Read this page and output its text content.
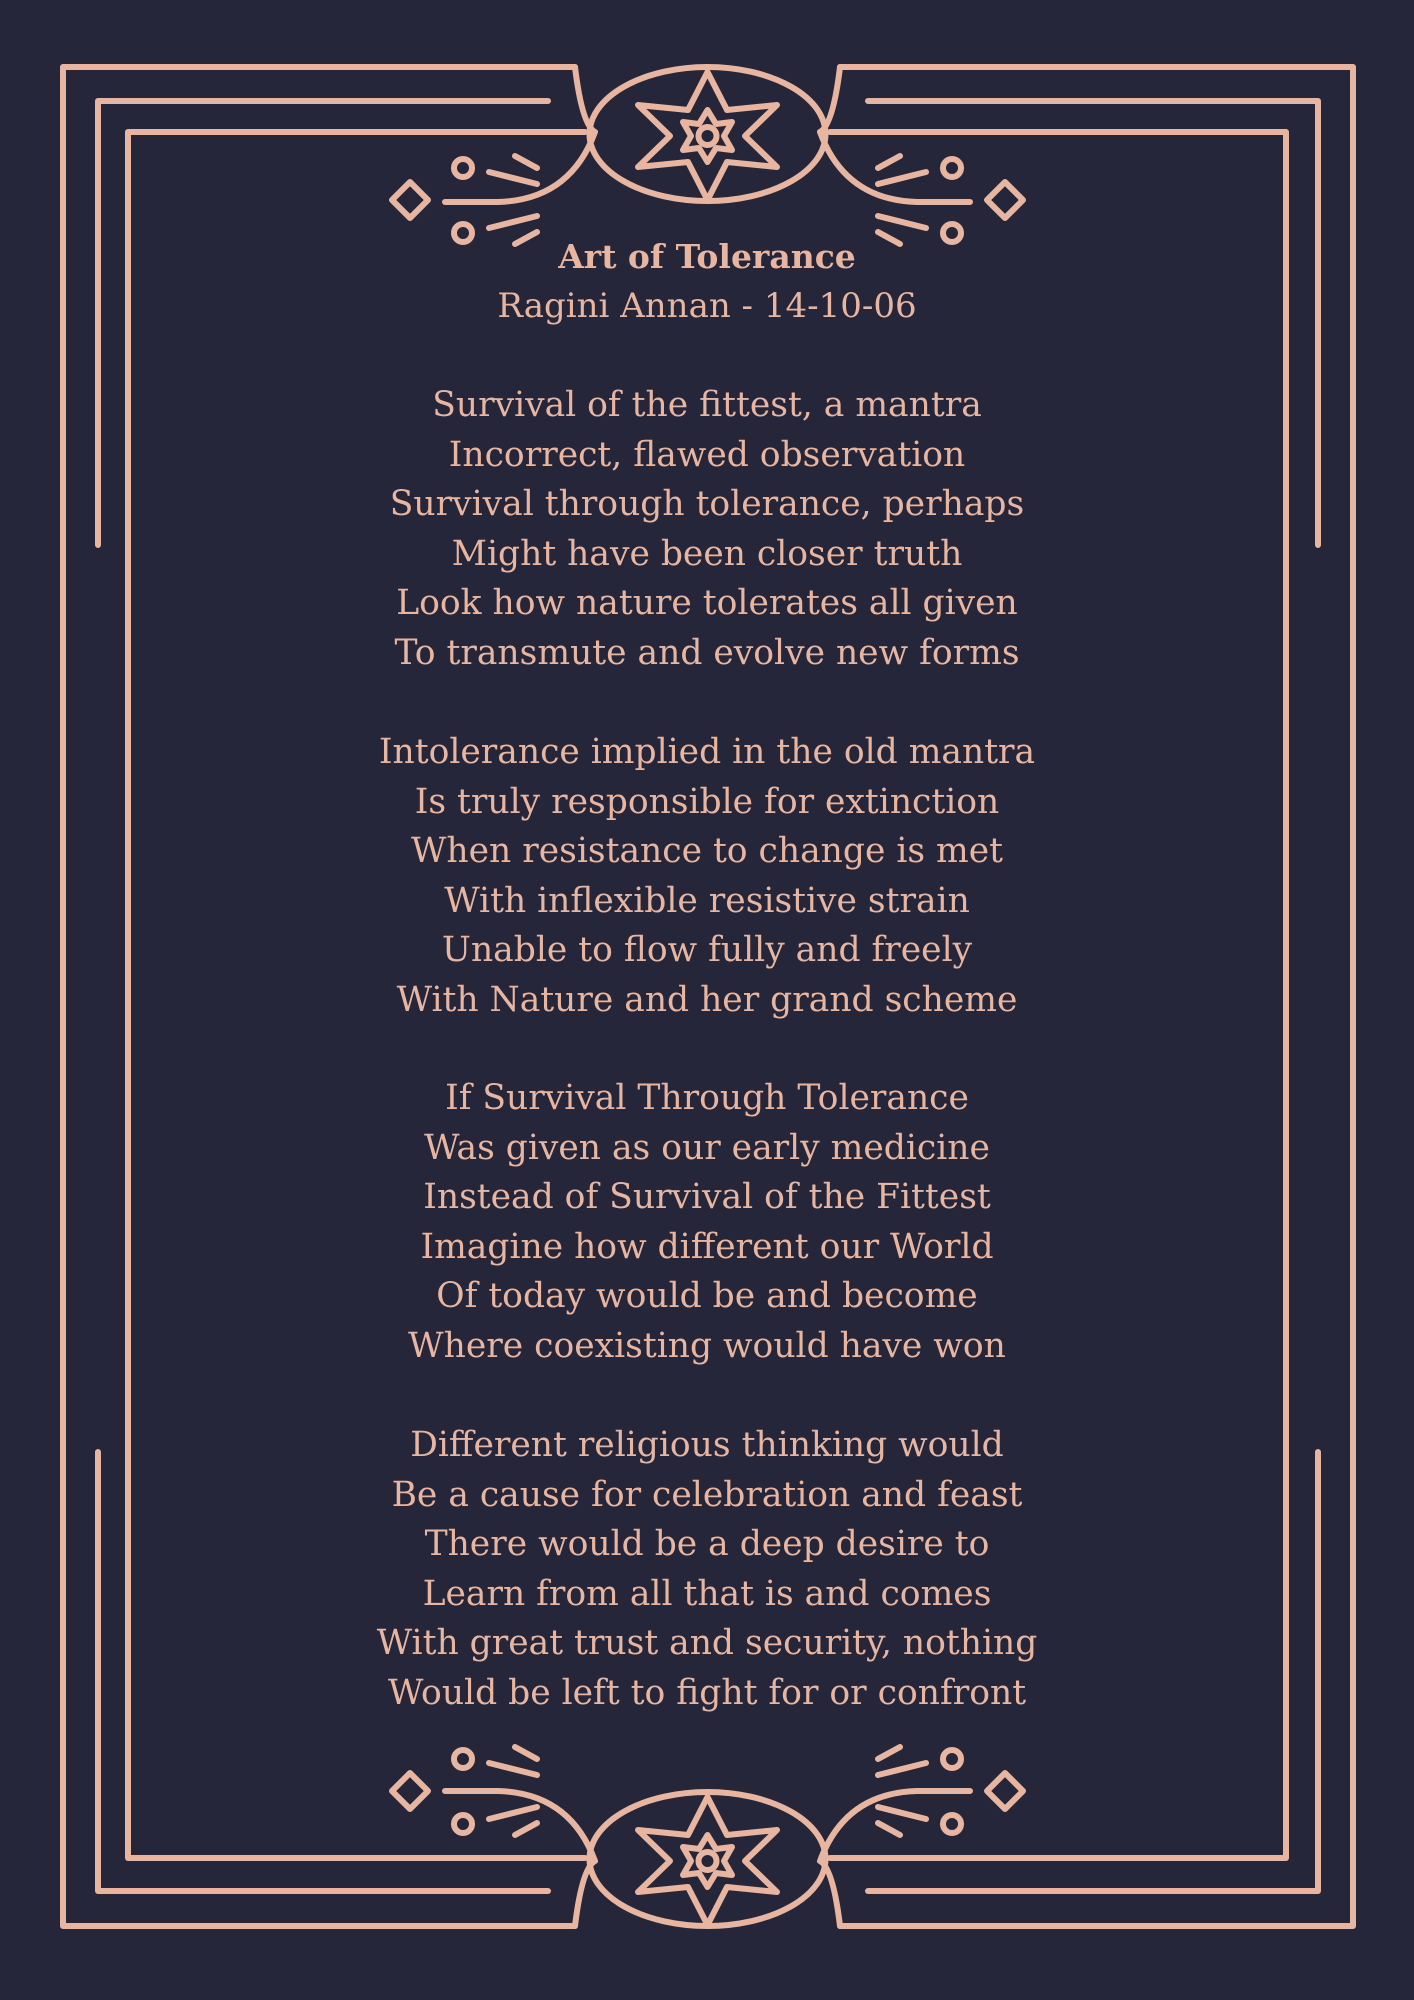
Art of Tolerance
Ragini Annan - 14-10-06
Survival of the fittest, a mantra
Incorrect, flawed observation
Survival through tolerance, perhaps
Might have been closer truth
Look how nature tolerates all given
To transmute and evolve new forms
Intolerance implied in the old mantra
Is truly responsible for extinction
When resistance to change is met
With inflexible resistive strain
Unable to flow fully and freely
With Nature and her grand scheme
If Survival Through Tolerance
Was given as our early medicine
Instead of Survival of the Fittest
Imagine how different our World
Of today would be and become
Where coexisting would have won
Different religious thinking would
Be a cause for celebration and feast
There would be a deep desire to
Learn from all that is and comes
With great trust and security, nothing
Would be left to fight for or confront
